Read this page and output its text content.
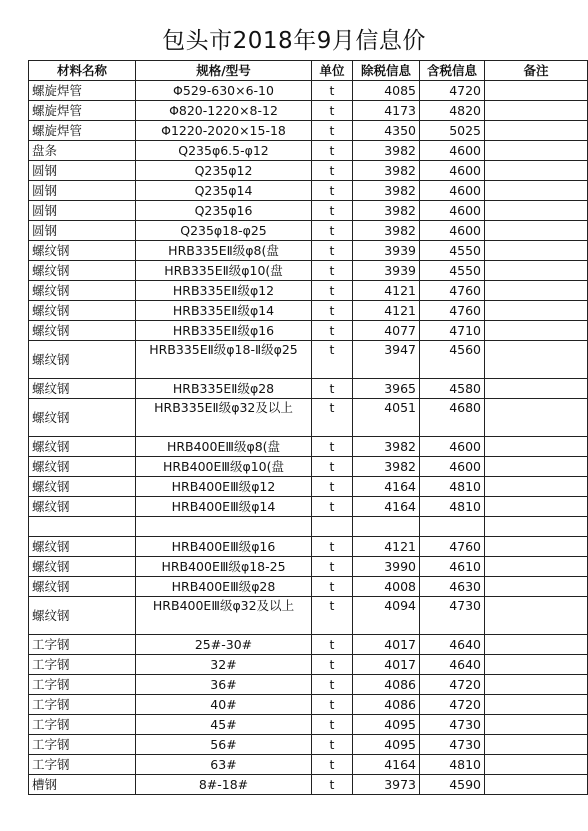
包头市2018年9月信息价
材料名称	规格/型号	单位	除税信息	含税信息	备注
螺旋焊管	Φ529-630×6-10	t	4085	4720	
螺旋焊管	Φ820-1220×8-12	t	4173	4820	
螺旋焊管	Φ1220-2020×15-18	t	4350	5025	
盘条	Q235φ6.5-φ12	t	3982	4600	
圆钢	Q235φ12	t	3982	4600	
圆钢	Q235φ14	t	3982	4600	
圆钢	Q235φ16	t	3982	4600	
圆钢	Q235φ18-φ25	t	3982	4600	
螺纹钢	HRB335EⅡ级φ8(盘	t	3939	4550	
螺纹钢	HRB335EⅡ级φ10(盘	t	3939	4550	
螺纹钢	HRB335EⅡ级φ12	t	4121	4760	
螺纹钢	HRB335EⅡ级φ14	t	4121	4760	
螺纹钢	HRB335EⅡ级φ16	t	4077	4710	
螺纹钢	HRB335EⅡ级φ18-Ⅱ级φ25	t	3947	4560	
螺纹钢	HRB335EⅡ级φ28	t	3965	4580	
螺纹钢	HRB335EⅡ级φ32及以上	t	4051	4680	
螺纹钢	HRB400EⅢ级φ8(盘	t	3982	4600	
螺纹钢	HRB400EⅢ级φ10(盘	t	3982	4600	
螺纹钢	HRB400EⅢ级φ12	t	4164	4810	
螺纹钢	HRB400EⅢ级φ14	t	4164	4810	

螺纹钢	HRB400EⅢ级φ16	t	4121	4760	
螺纹钢	HRB400EⅢ级φ18-25	t	3990	4610	
螺纹钢	HRB400EⅢ级φ28	t	4008	4630	
螺纹钢	HRB400EⅢ级φ32及以上	t	4094	4730	
工字钢	25#-30#	t	4017	4640	
工字钢	32#	t	4017	4640	
工字钢	36#	t	4086	4720	
工字钢	40#	t	4086	4720	
工字钢	45#	t	4095	4730	
工字钢	56#	t	4095	4730	
工字钢	63#	t	4164	4810	
槽钢	8#-18#	t	3973	4590	
